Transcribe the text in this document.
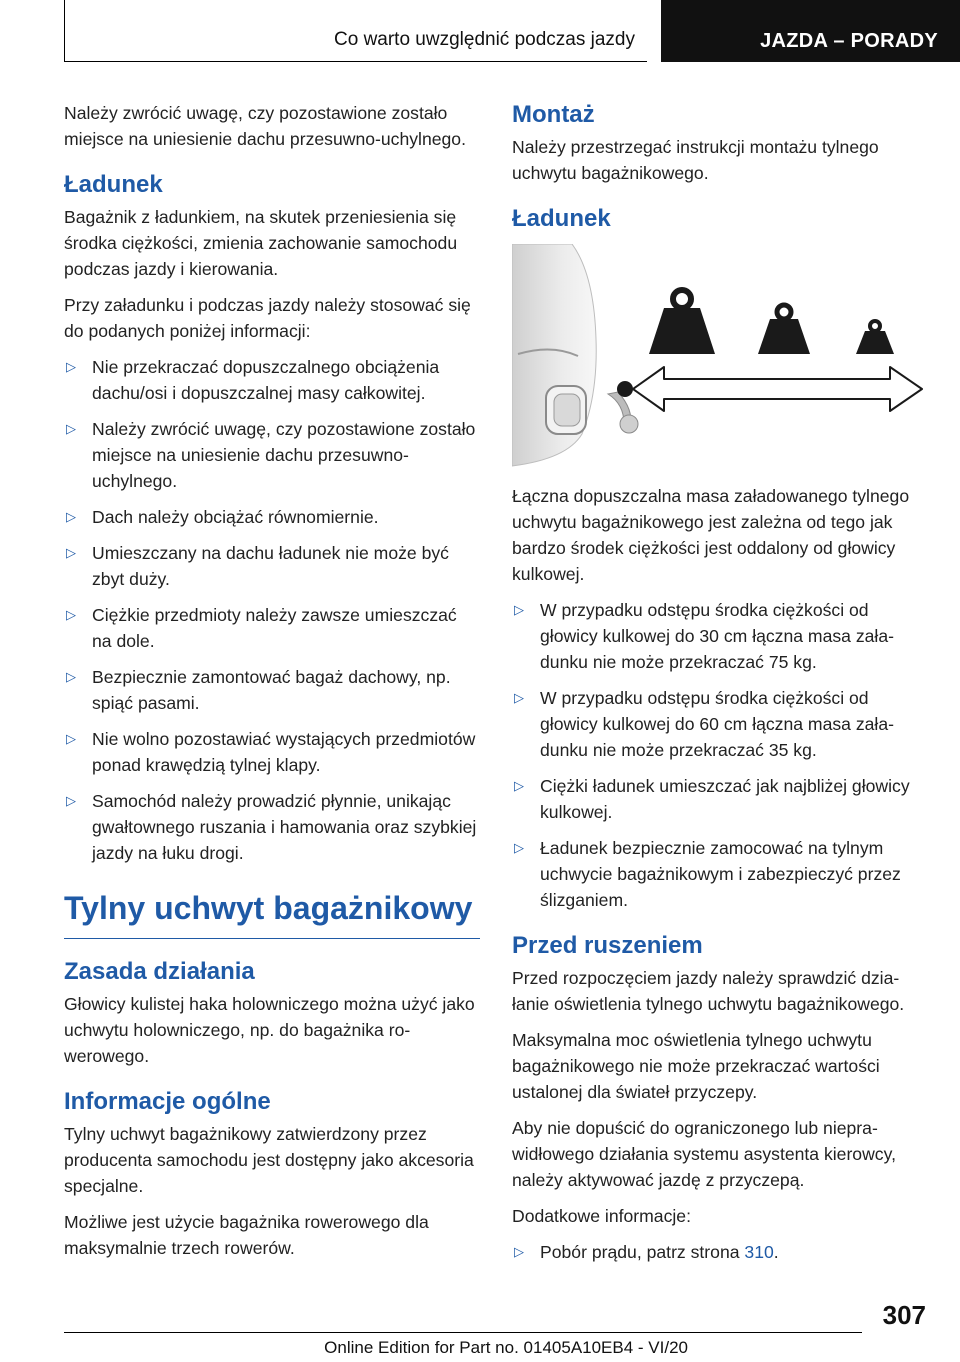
Co warto uwzględnić podczas jazdy	JAZDA – PORADY

Należy zwrócić uwagę, czy pozostawione zostało miejsce na uniesienie dachu przesuwno-uchylnego.

Ładunek

Bagażnik z ładunkiem, na skutek przeniesienia się środka ciężkości, zmienia zachowanie samochodu podczas jazdy i kierowania.

Przy załadunku i podczas jazdy należy stosować się do podanych poniżej informacji:

▷ Nie przekraczać dopuszczalnego obciążenia dachu/osi i dopuszczalnej masy całkowitej.
▷ Należy zwrócić uwagę, czy pozostawione zostało miejsce na uniesienie dachu przesuwno-uchylnego.
▷ Dach należy obciążać równomiernie.
▷ Umieszczany na dachu ładunek nie może być zbyt duży.
▷ Ciężkie przedmioty należy zawsze umieszczać na dole.
▷ Bezpiecznie zamontować bagaż dachowy, np. spiąć pasami.
▷ Nie wolno pozostawiać wystających przedmiotów ponad krawędzią tylnej klapy.
▷ Samochód należy prowadzić płynnie, unikając gwałtownego ruszania i hamowania oraz szybkiej jazdy na łuku drogi.
Tylny uchwyt bagażnikowy
Zasada działania

Głowicy kulistej haka holowniczego można użyć jako uchwytu holowniczego, np. do bagażnika rowerowego.

Informacje ogólne

Tylny uchwyt bagażnikowy zatwierdzony przez producenta samochodu jest dostępny jako akcesoria specjalne.

Możliwe jest użycie bagażnika rowerowego dla maksymalnie trzech rowerów.

Montaż

Należy przestrzegać instrukcji montażu tylnego uchwytu bagażnikowego.

Ładunek

Łączna dopuszczalna masa załadowanego tylnego uchwytu bagażnikowego jest zależna od tego jak bardzo środek ciężkości jest oddalony od głowicy kulkowej.

▷ W przypadku odstępu środka ciężkości od głowicy kulkowej do 30 cm łączna masa załadunku nie może przekraczać 75 kg.
▷ W przypadku odstępu środka ciężkości od głowicy kulkowej do 60 cm łączna masa załadunku nie może przekraczać 35 kg.
▷ Ciężki ładunek umieszczać jak najbliżej głowicy kulkowej.
▷ Ładunek bezpiecznie zamocować na tylnym uchwycie bagażnikowym i zabezpieczyć przez ślizganiem.
Przed ruszeniem

Przed rozpoczęciem jazdy należy sprawdzić działanie oświetlenia tylnego uchwytu bagażnikowego.

Maksymalna moc oświetlenia tylnego uchwytu bagażnikowego nie może przekraczać wartości ustalonej dla świateł przyczepy.

Aby nie dopuścić do ograniczonego lub nieprawidłowego działania systemu asystenta kierowcy, należy aktywować jazdę z przyczepą.

Dodatkowe informacje:

▷ Pobór prądu, patrz strona 310.
307
Online Edition for Part no. 01405A10EB4 - VI/20
